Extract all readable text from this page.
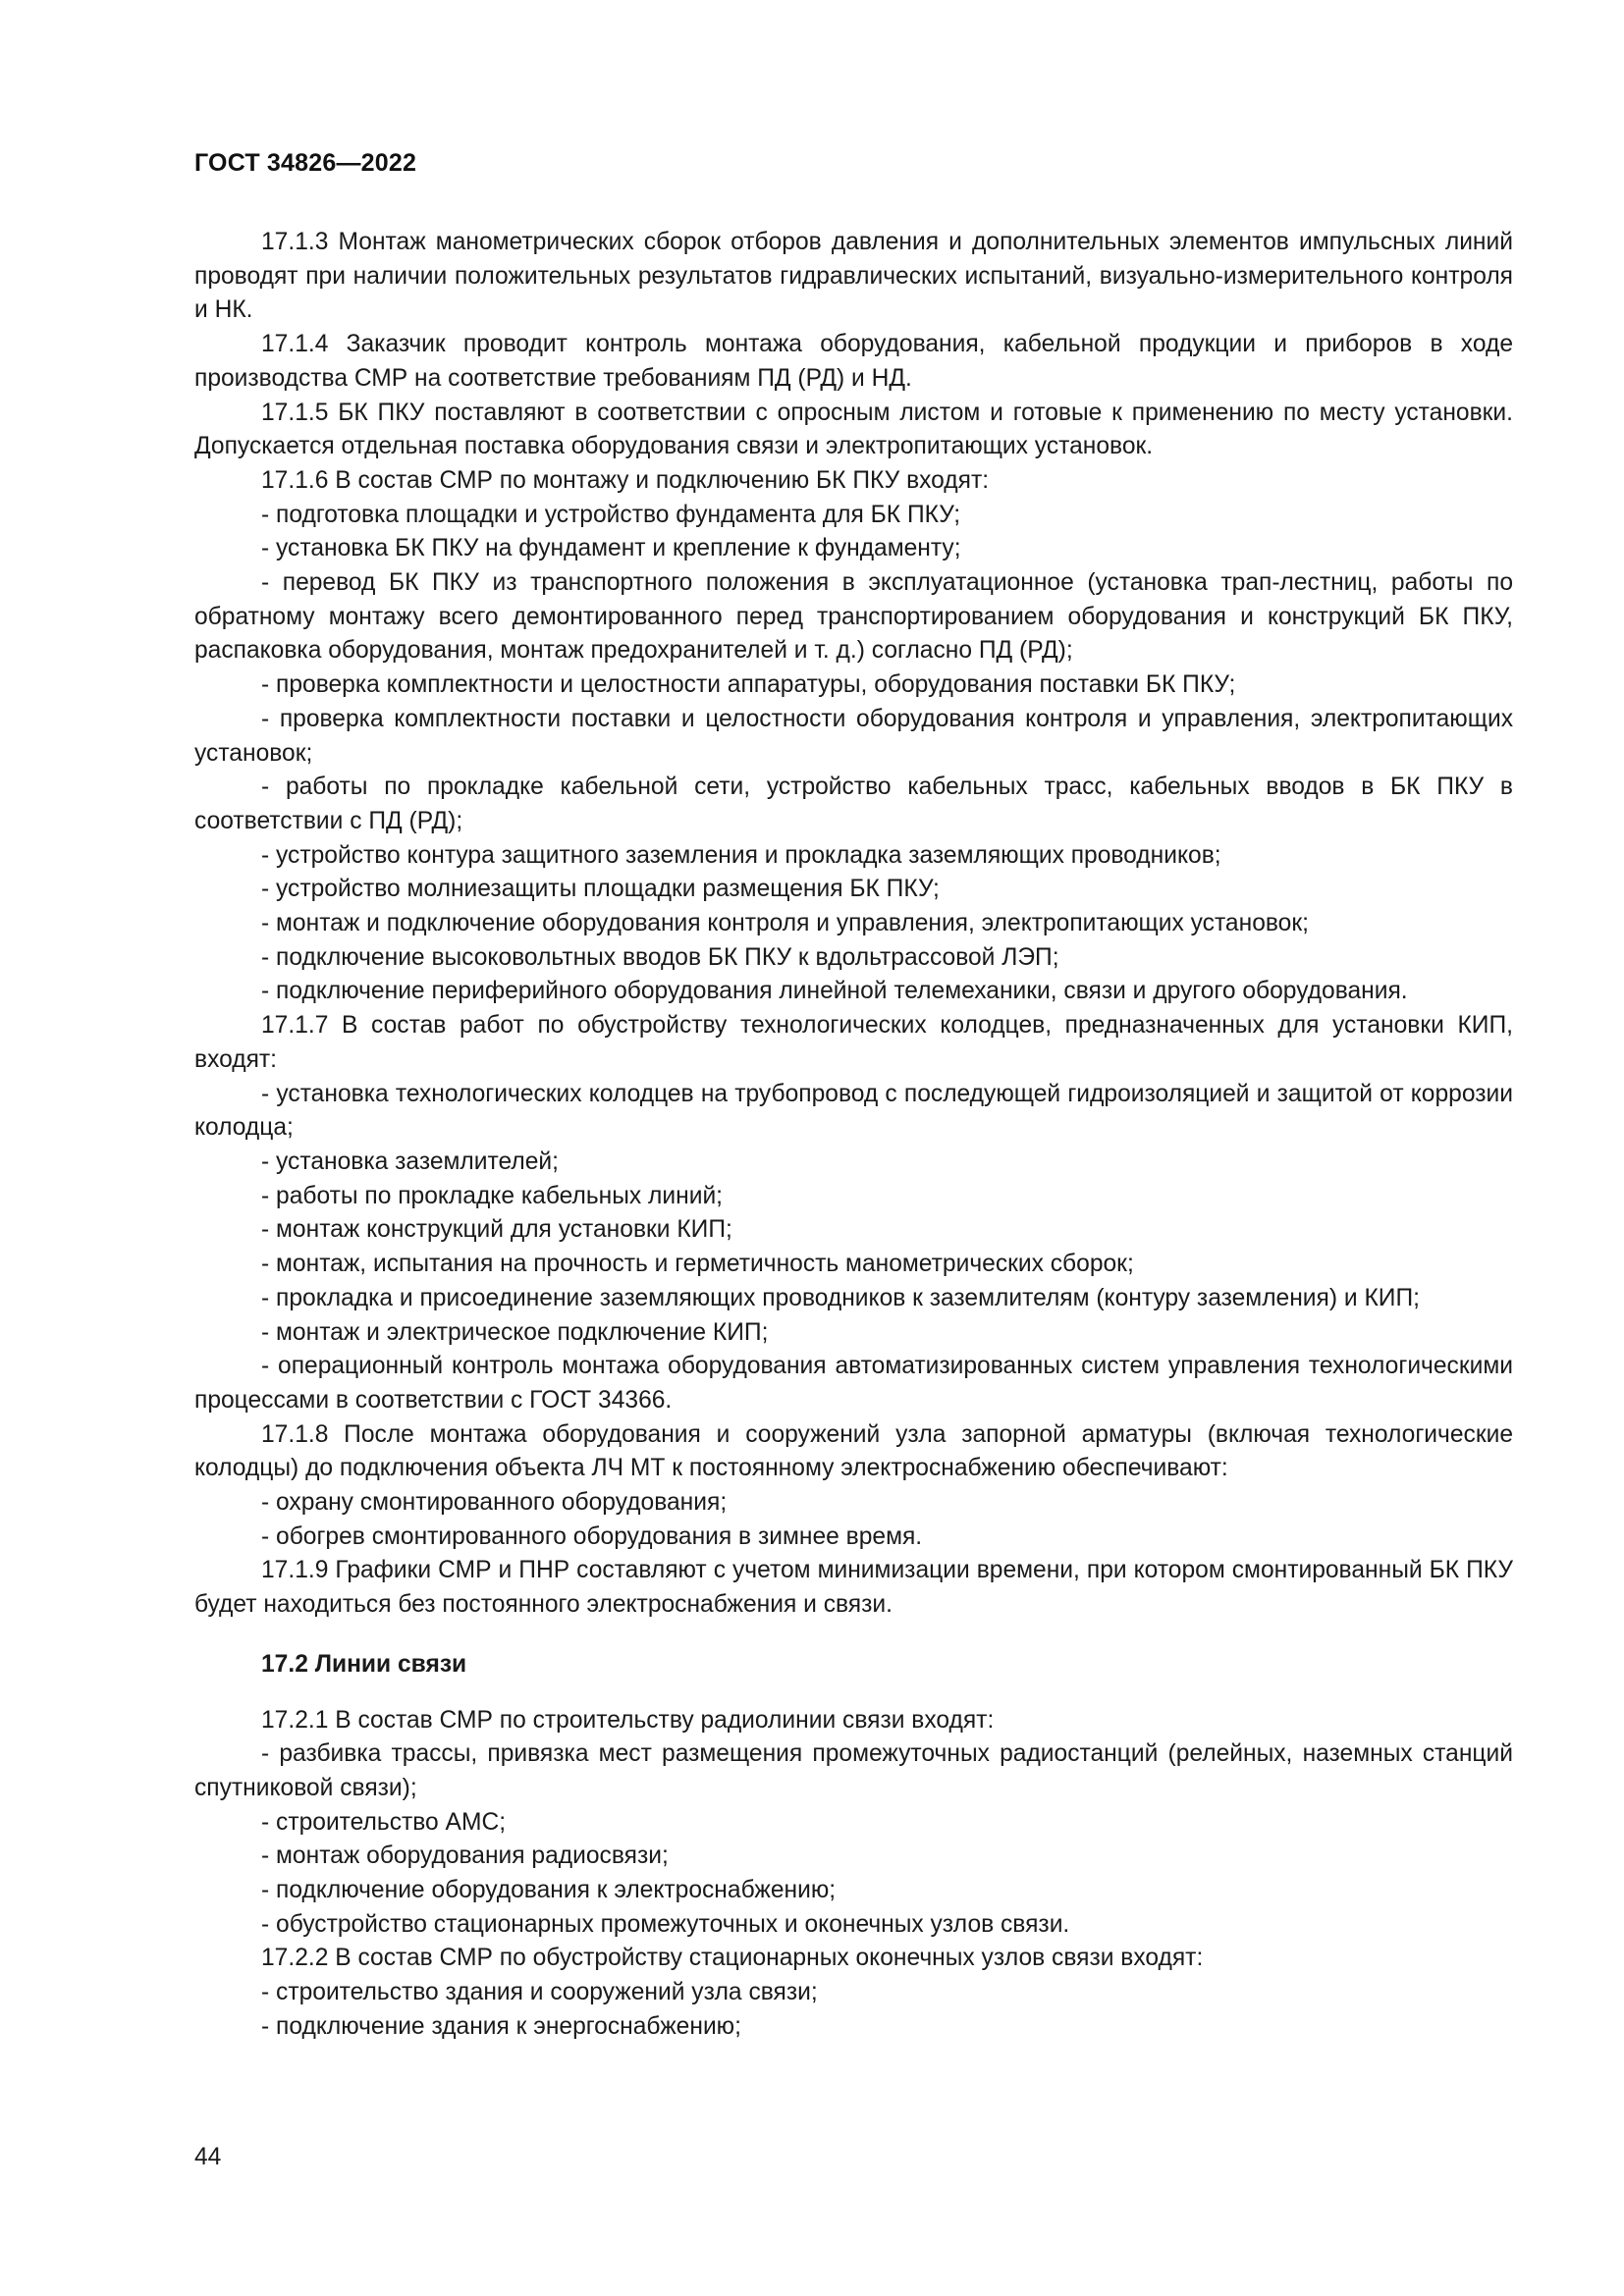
ГОСТ 34826—2022

17.1.3 Монтаж манометрических сборок отборов давления и дополнительных элементов импульсных линий проводят при наличии положительных результатов гидравлических испытаний, визуально-измерительного контроля и НК.

17.1.4 Заказчик проводит контроль монтажа оборудования, кабельной продукции и приборов в ходе производства СМР на соответствие требованиям ПД (РД) и НД.

17.1.5 БК ПКУ поставляют в соответствии с опросным листом и готовые к применению по месту установки. Допускается отдельная поставка оборудования связи и электропитающих установок.

17.1.6 В состав СМР по монтажу и подключению БК ПКУ входят:

- подготовка площадки и устройство фундамента для БК ПКУ;

- установка БК ПКУ на фундамент и крепление к фундаменту;

- перевод БК ПКУ из транспортного положения в эксплуатационное (установка трап-лестниц, работы по обратному монтажу всего демонтированного перед транспортированием оборудования и конструкций БК ПКУ, распаковка оборудования, монтаж предохранителей и т. д.) согласно ПД (РД);

- проверка комплектности и целостности аппаратуры, оборудования поставки БК ПКУ;

- проверка комплектности поставки и целостности оборудования контроля и управления, электропитающих установок;

- работы по прокладке кабельной сети, устройство кабельных трасс, кабельных вводов в БК ПКУ в соответствии с ПД (РД);

- устройство контура защитного заземления и прокладка заземляющих проводников;

- устройство молниезащиты площадки размещения БК ПКУ;

- монтаж и подключение оборудования контроля и управления, электропитающих установок;

- подключение высоковольтных вводов БК ПКУ к вдольтрассовой ЛЭП;

- подключение периферийного оборудования линейной телемеханики, связи и другого оборудования.

17.1.7 В состав работ по обустройству технологических колодцев, предназначенных для установки КИП, входят:

- установка технологических колодцев на трубопровод с последующей гидроизоляцией и защитой от коррозии колодца;

- установка заземлителей;

- работы по прокладке кабельных линий;

- монтаж конструкций для установки КИП;

- монтаж, испытания на прочность и герметичность манометрических сборок;

- прокладка и присоединение заземляющих проводников к заземлителям (контуру заземления) и КИП;

- монтаж и электрическое подключение КИП;

- операционный контроль монтажа оборудования автоматизированных систем управления технологическими процессами в соответствии с ГОСТ 34366.

17.1.8 После монтажа оборудования и сооружений узла запорной арматуры (включая технологические колодцы) до подключения объекта ЛЧ МТ к постоянному электроснабжению обеспечивают:

- охрану смонтированного оборудования;

- обогрев смонтированного оборудования в зимнее время.

17.1.9 Графики СМР и ПНР составляют с учетом минимизации времени, при котором смонтированный БК ПКУ будет находиться без постоянного электроснабжения и связи.

17.2 Линии связи

17.2.1 В состав СМР по строительству радиолинии связи входят:

- разбивка трассы, привязка мест размещения промежуточных радиостанций (релейных, наземных станций спутниковой связи);

- строительство АМС;

- монтаж оборудования радиосвязи;

- подключение оборудования к электроснабжению;

- обустройство стационарных промежуточных и оконечных узлов связи.

17.2.2 В состав СМР по обустройству стационарных оконечных узлов связи входят:

- строительство здания и сооружений узла связи;

- подключение здания к энергоснабжению;

44
